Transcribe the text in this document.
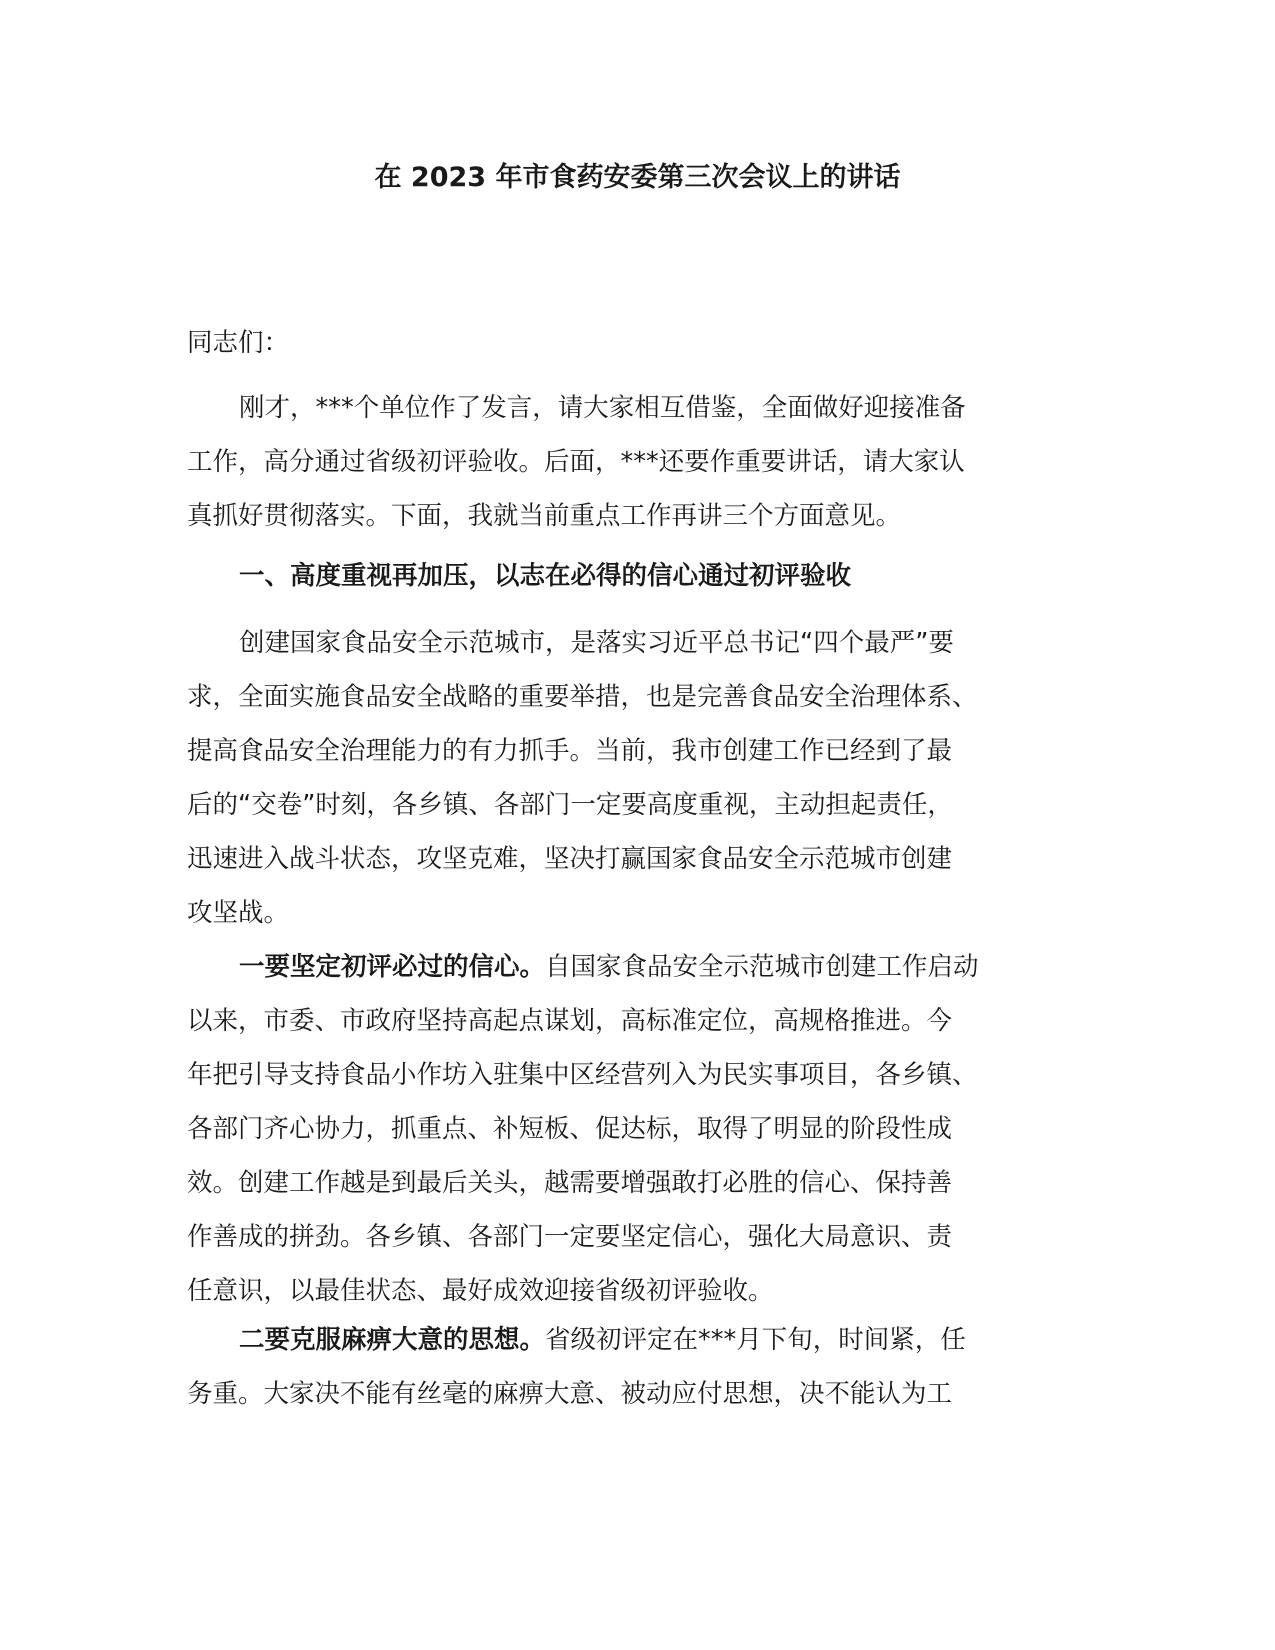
在 2023 年市食药安委第三次会议上的讲话
同志们：
刚才，***个单位作了发言，请大家相互借鉴，全面做好迎接准备
工作，高分通过省级初评验收。后面，***还要作重要讲话，请大家认
真抓好贯彻落实。下面，我就当前重点工作再讲三个方面意见。
一、高度重视再加压，以志在必得的信心通过初评验收
创建国家食品安全示范城市，是落实习近平总书记“四个最严”要
求，全面实施食品安全战略的重要举措，也是完善食品安全治理体系、
提高食品安全治理能力的有力抓手。当前，我市创建工作已经到了最
后的“交卷”时刻，各乡镇、各部门一定要高度重视，主动担起责任，
迅速进入战斗状态，攻坚克难，坚决打赢国家食品安全示范城市创建
攻坚战。
一要坚定初评必过的信心。自国家食品安全示范城市创建工作启动
以来，市委、市政府坚持高起点谋划，高标准定位，高规格推进。今
年把引导支持食品小作坊入驻集中区经营列入为民实事项目，各乡镇、
各部门齐心协力，抓重点、补短板、促达标，取得了明显的阶段性成
效。创建工作越是到最后关头，越需要增强敢打必胜的信心、保持善
作善成的拼劲。各乡镇、各部门一定要坚定信心，强化大局意识、责
任意识，以最佳状态、最好成效迎接省级初评验收。
二要克服麻痹大意的思想。省级初评定在***月下旬，时间紧，任
务重。大家决不能有丝毫的麻痹大意、被动应付思想，决不能认为工
